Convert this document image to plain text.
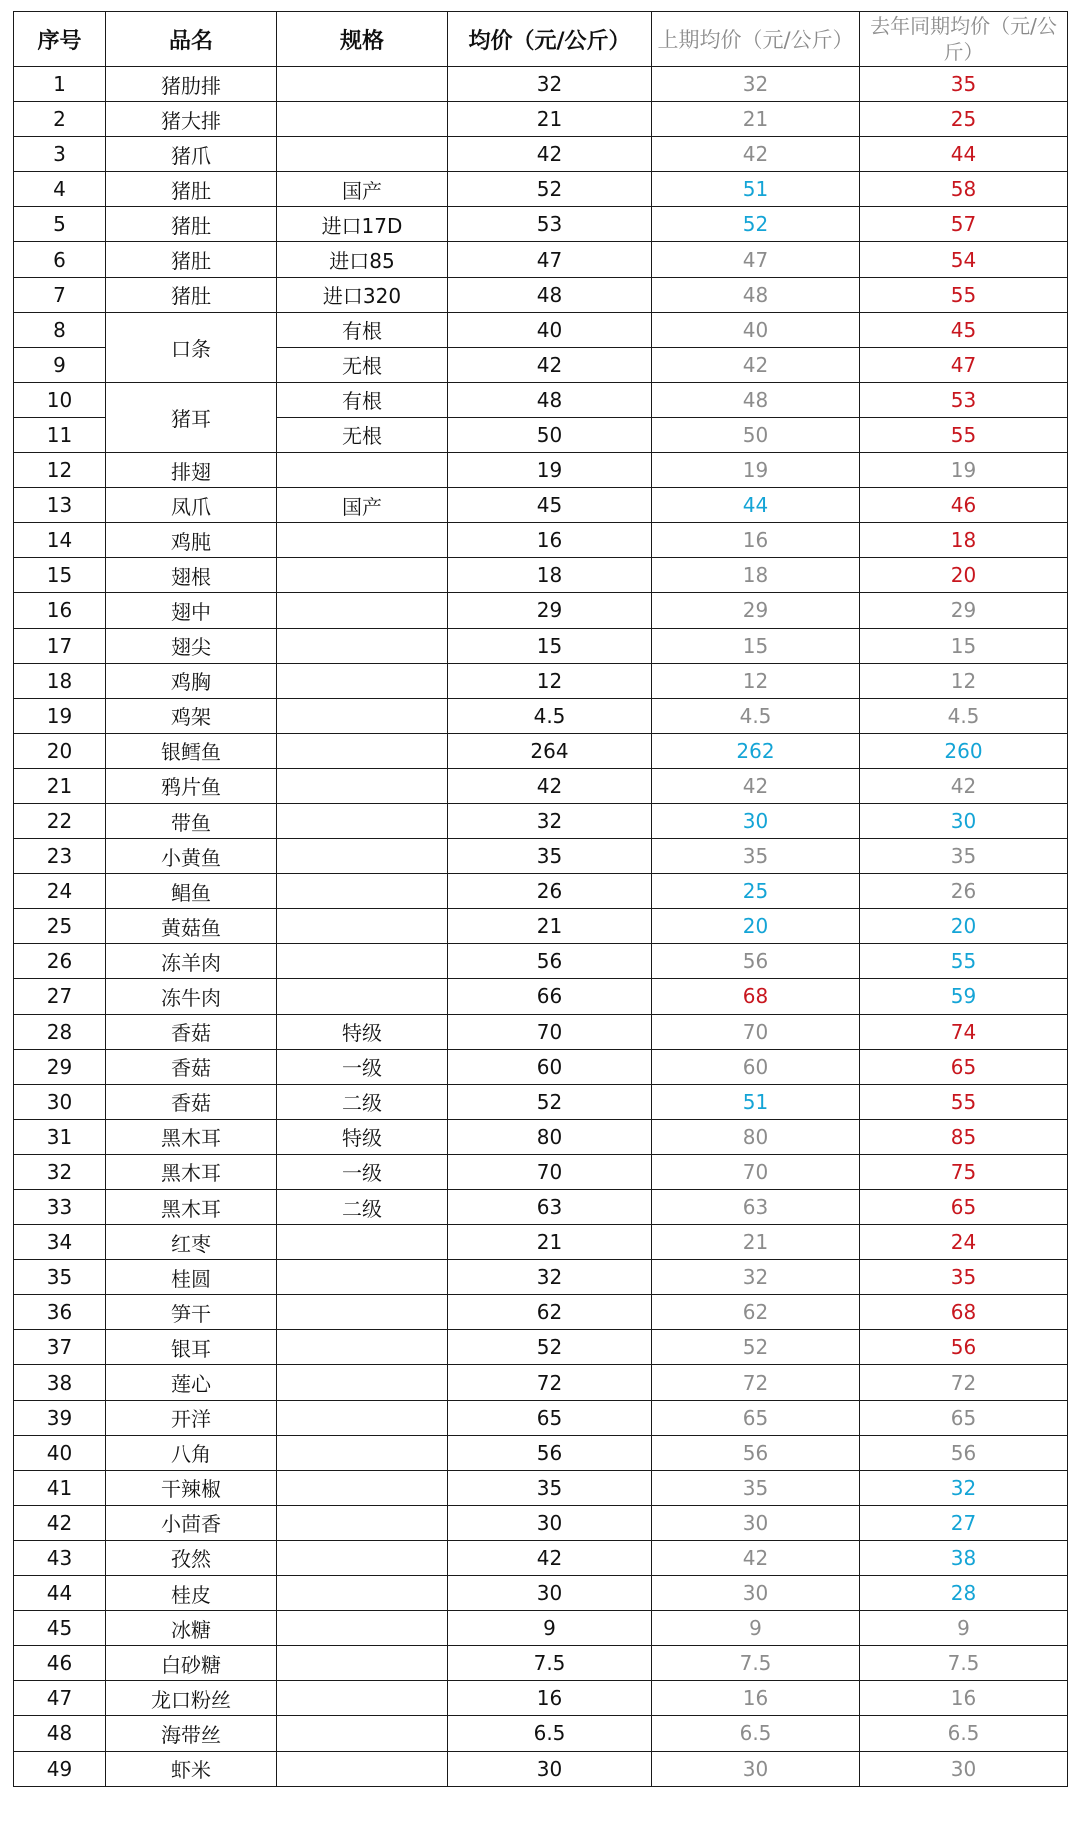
序号	品名	规格	均价（元/公斤）	上期均价（元/公斤）	去年同期均价（元/公斤）
1	猪肋排		32	32	35
2	猪大排		21	21	25
3	猪爪		42	42	44
4	猪肚	国产	52	51	58
5	猪肚	进口17D	53	52	57
6	猪肚	进口85	47	47	54
7	猪肚	进口320	48	48	55
8	口条	有根	40	40	45
9		无根	42	42	47
10	猪耳	有根	48	48	53
11		无根	50	50	55
12	排翅		19	19	19
13	凤爪	国产	45	44	46
14	鸡肫		16	16	18
15	翅根		18	18	20
16	翅中		29	29	29
17	翅尖		15	15	15
18	鸡胸		12	12	12
19	鸡架		4.5	4.5	4.5
20	银鳕鱼		264	262	260
21	鸦片鱼		42	42	42
22	带鱼		32	30	30
23	小黄鱼		35	35	35
24	鲳鱼		26	25	26
25	黄菇鱼		21	20	20
26	冻羊肉		56	56	55
27	冻牛肉		66	68	59
28	香菇	特级	70	70	74
29	香菇	一级	60	60	65
30	香菇	二级	52	51	55
31	黑木耳	特级	80	80	85
32	黑木耳	一级	70	70	75
33	黑木耳	二级	63	63	65
34	红枣		21	21	24
35	桂圆		32	32	35
36	笋干		62	62	68
37	银耳		52	52	56
38	莲心		72	72	72
39	开洋		65	65	65
40	八角		56	56	56
41	干辣椒		35	35	32
42	小茴香		30	30	27
43	孜然		42	42	38
44	桂皮		30	30	28
45	冰糖		9	9	9
46	白砂糖		7.5	7.5	7.5
47	龙口粉丝		16	16	16
48	海带丝		6.5	6.5	6.5
49	虾米		30	30	30
